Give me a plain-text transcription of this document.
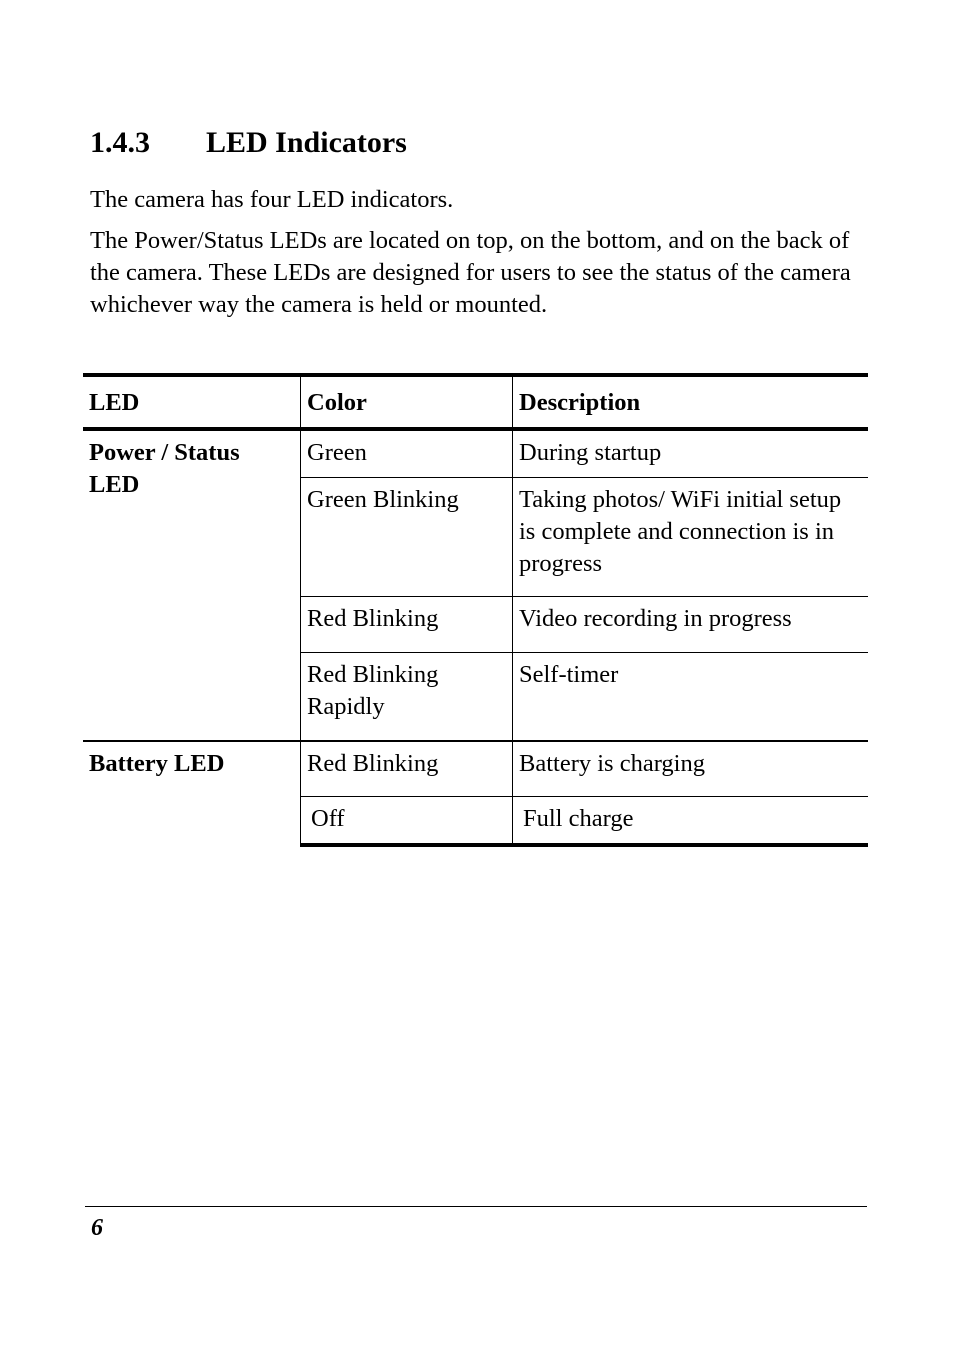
1.4.3 LED Indicators

The camera has four LED indicators.

The Power/Status LEDs are located on top, on the bottom, and on the back of the camera. These LEDs are designed for users to see the status of the camera whichever way the camera is held or mounted.

LED	Color	Description
Power / Status LED	Green	During startup
	Green Blinking	Taking photos/ WiFi initial setup is complete and connection is in progress
	Red Blinking	Video recording in progress
	Red Blinking Rapidly	Self-timer
Battery LED	Red Blinking	Battery is charging
	Off	Full charge
6
